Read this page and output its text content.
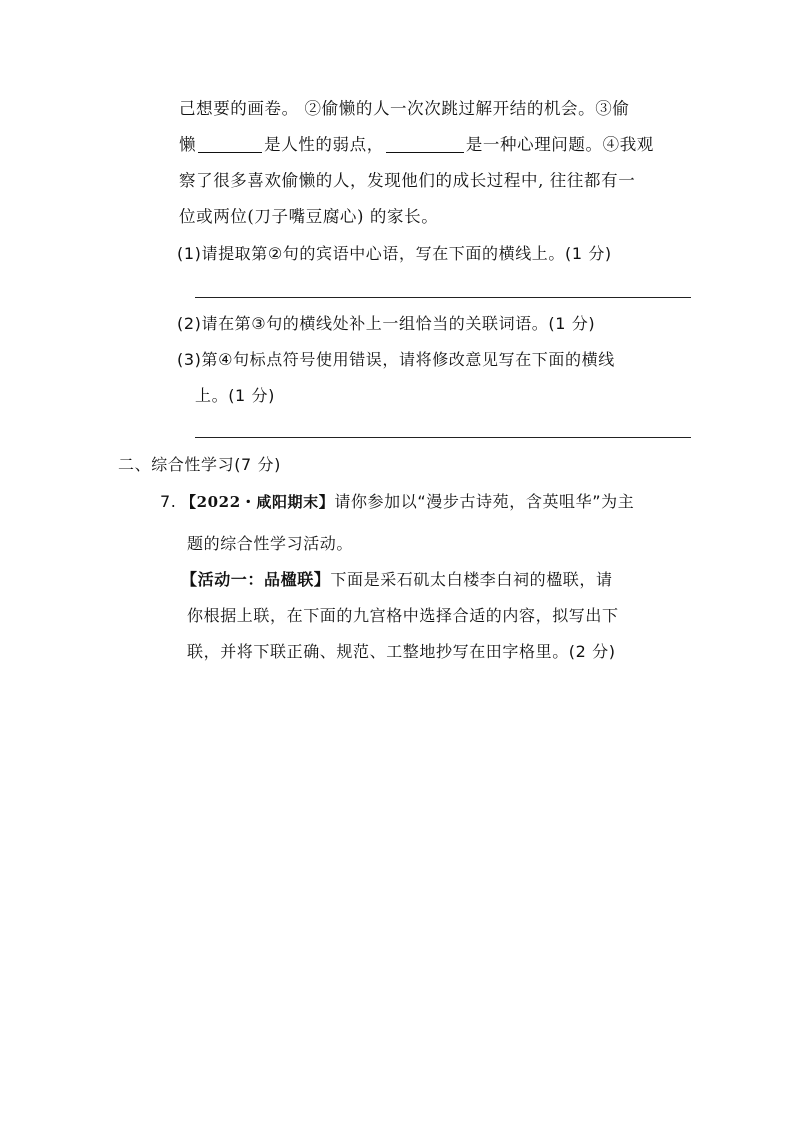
己想要的画卷。 ②偷懒的人一次次跳过解开结的机会。③偷
懒	是人性的弱点，	是一种心理问题。④我观
察了很多喜欢偷懒的人，发现他们的成长过程中, 往往都有一
位或两位(刀子嘴豆腐心) 的家长。
(1)请提取第②句的宾语中心语，写在下面的横线上。(1 分)
(2)请在第③句的横线处补上一组恰当的关联词语。(1 分)
(3)第④句标点符号使用错误，请将修改意见写在下面的横线
上。(1 分)
二、综合性学习(7 分)
7. 【2022・咸阳期末】请你参加以“漫步古诗苑，含英咀华”为主
题的综合性学习活动。
【活动一：品楹联】下面是采石矶太白楼李白祠的楹联，请
你根据上联，在下面的九宫格中选择合适的内容，拟写出下
联，并将下联正确、规范、工整地抄写在田字格里。(2 分)
